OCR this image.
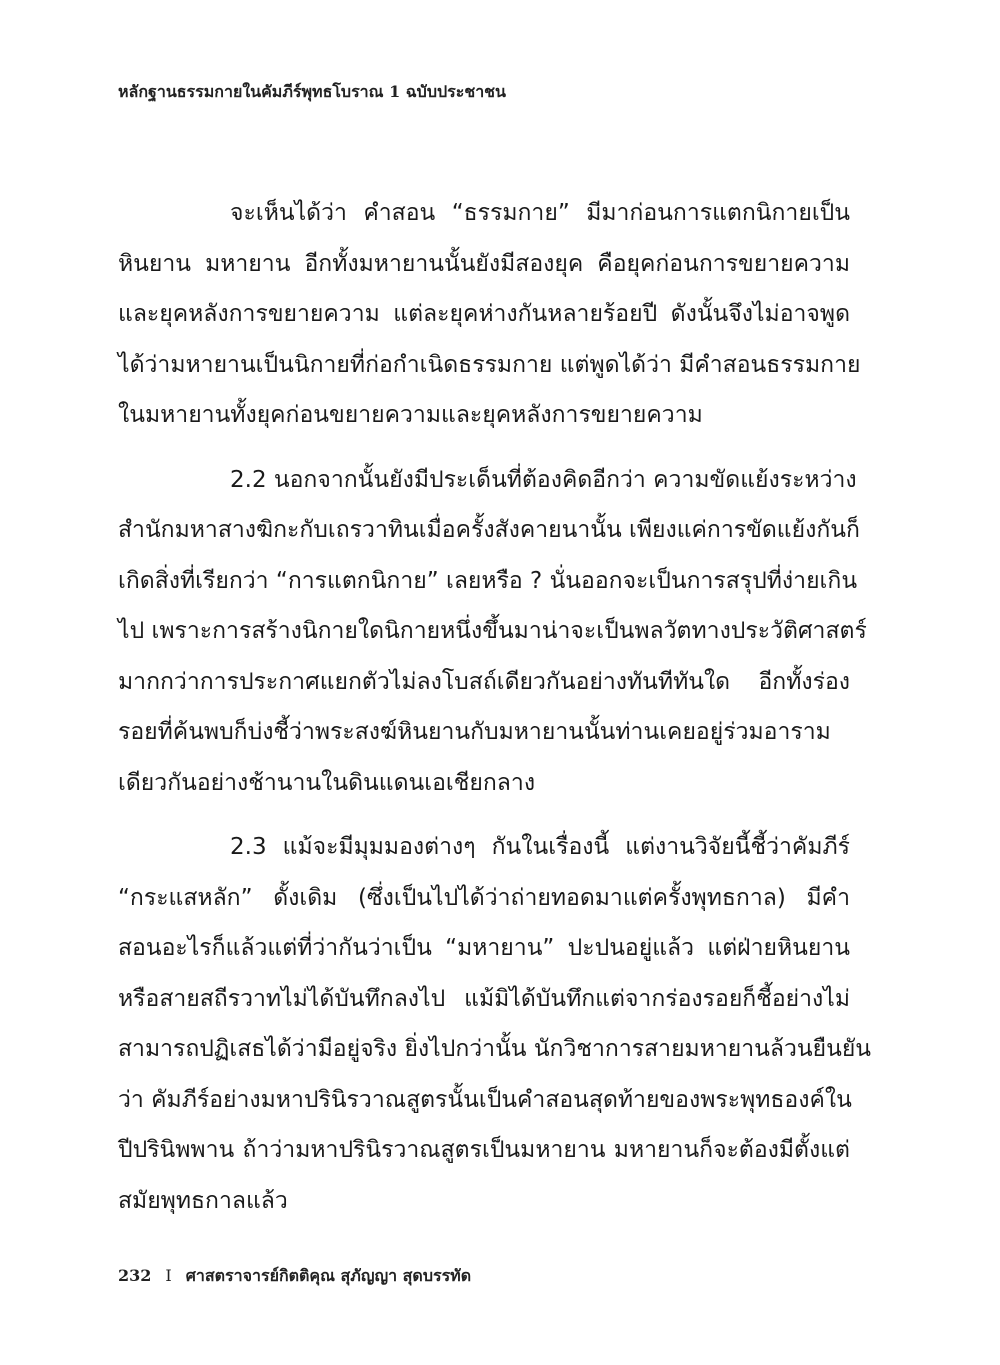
หลักฐานธรรมกายในคัมภีร์พุทธโบราณ 1 ฉบับประชาชน

จะเห็นได้ว่า คำสอน “ธรรมกาย” มีมาก่อนการแตกนิกายเป็น
หินยาน มหายาน อีกทั้งมหายานนั้นยังมีสองยุค คือยุคก่อนการขยายความ
และยุคหลังการขยายความ แต่ละยุคห่างกันหลายร้อยปี ดังนั้นจึงไม่อาจพูด
ได้ว่ามหายานเป็นนิกายที่ก่อกำเนิดธรรมกาย แต่พูดได้ว่า มีคำสอนธรรมกาย
ในมหายานทั้งยุคก่อนขยายความและยุคหลังการขยายความ

2.2 นอกจากนั้นยังมีประเด็นที่ต้องคิดอีกว่า ความขัดแย้งระหว่าง
สำนักมหาสางฆิกะกับเถรวาทินเมื่อครั้งสังคายนานั้น เพียงแค่การขัดแย้งกันก็
เกิดสิ่งที่เรียกว่า “การแตกนิกาย” เลยหรือ ? นั่นออกจะเป็นการสรุปที่ง่ายเกิน
ไป เพราะการสร้างนิกายใดนิกายหนึ่งขึ้นมาน่าจะเป็นพลวัตทางประวัติศาสตร์
มากกว่าการประกาศแยกตัวไม่ลงโบสถ์เดียวกันอย่างทันทีทันใด อีกทั้งร่อง
รอยที่ค้นพบก็บ่งชี้ว่าพระสงฆ์หินยานกับมหายานนั้นท่านเคยอยู่ร่วมอาราม
เดียวกันอย่างช้านานในดินแดนเอเชียกลาง

2.3 แม้จะมีมุมมองต่างๆ กันในเรื่องนี้ แต่งานวิจัยนี้ชี้ว่าคัมภีร์
“กระแสหลัก” ดั้งเดิม (ซึ่งเป็นไปได้ว่าถ่ายทอดมาแต่ครั้งพุทธกาล) มีคำ
สอนอะไรก็แล้วแต่ที่ว่ากันว่าเป็น “มหายาน” ปะปนอยู่แล้ว แต่ฝ่ายหินยาน
หรือสายสถีรวาทไม่ได้บันทึกลงไป แม้มิได้บันทึกแต่จากร่องรอยก็ชี้อย่างไม่
สามารถปฏิเสธได้ว่ามีอยู่จริง ยิ่งไปกว่านั้น นักวิชาการสายมหายานล้วนยืนยัน
ว่า คัมภีร์อย่างมหาปรินิรวาณสูตรนั้นเป็นคำสอนสุดท้ายของพระพุทธองค์ใน
ปีปรินิพพาน ถ้าว่ามหาปรินิรวาณสูตรเป็นมหายาน มหายานก็จะต้องมีตั้งแต่
สมัยพุทธกาลแล้ว

232 I ศาสตราจารย์กิตติคุณ สุภัญญา สุดบรรทัด
